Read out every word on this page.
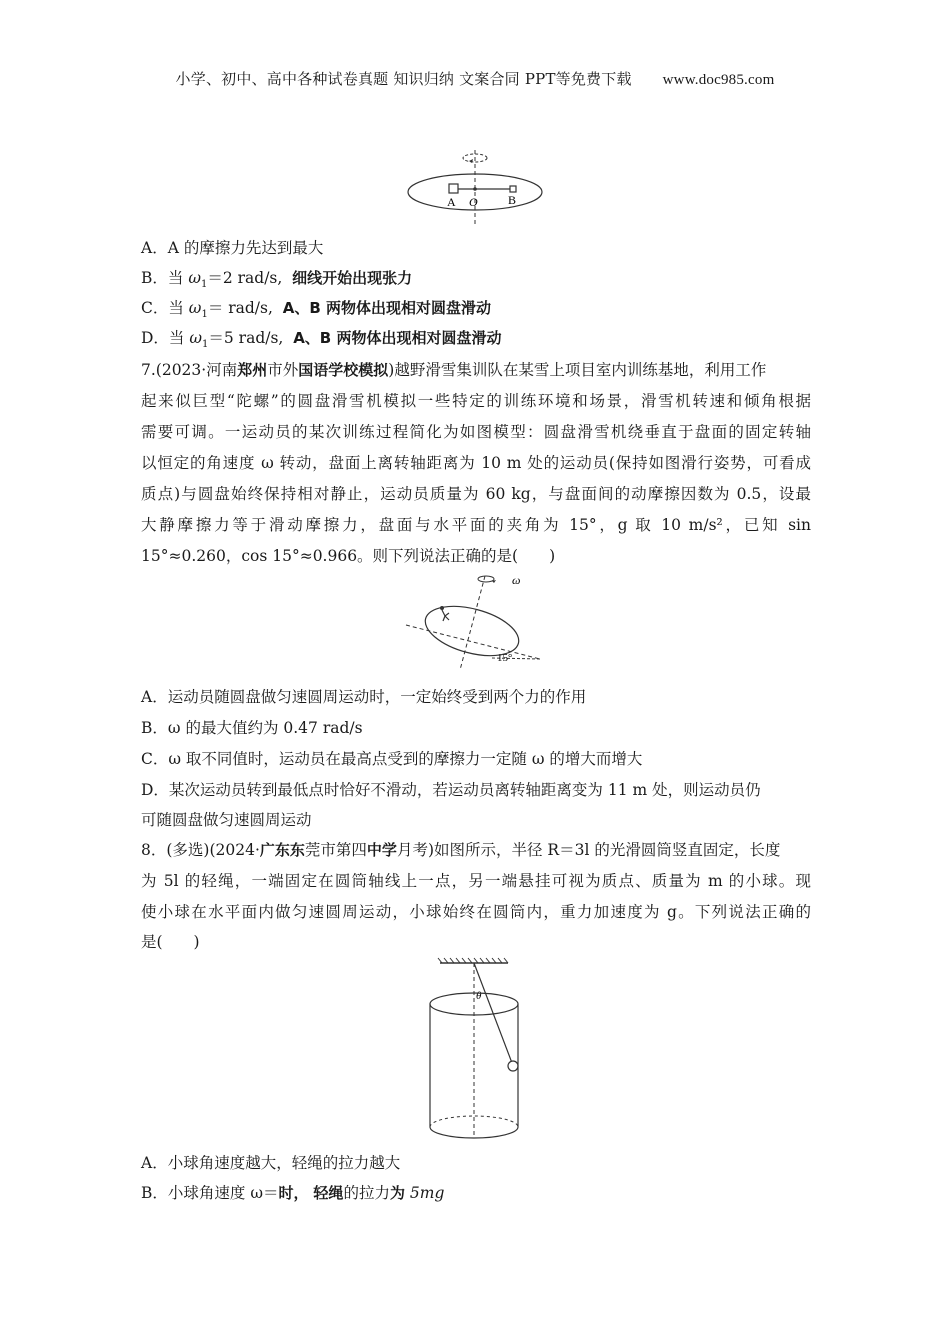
小学、初中、高中各种试卷真题 知识归纳 文案合同 PPT等免费下载 www.doc985.com
A O	B
A．A 的摩擦力先达到最大
B．当 $\omega_1=2$ rad/s, 细线开始出现张力
C．当 $\omega_1= rad/s$, A、B 两物体出现相对圆盘滑动
D．当 $\omega_1=5$ rad/s, A、B 两物体出现相对圆盘滑动
7.(2023·河南郑州市外国语学校模拟)越野滑雪集训队在某雪上项目室内训练基地，利用工作
起来似巨型“陀螺”的圆盘滑雪机模拟一些特定的训练环境和场景，滑雪机转速和倾角根据
需要可调。一运动员的某次训练过程简化为如图模型：圆盘滑雪机绕垂直于盘面的固定转轴
以恒定的角速度 ω 转动，盘面上离转轴距离为 10 m 处的运动员(保持如图滑行姿势，可看成
质点)与圆盘始终保持相对静止，运动员质量为 60 kg，与盘面间的动摩擦因数为 0.5，设最
大静摩擦力等于滑动摩擦力，盘面与水平面的夹角为 15°，g 取 10 m/s²，已知 sin
15°≈0.260，cos 15°≈0.966。则下列说法正确的是(　　)
ω
15°
A．运动员随圆盘做匀速圆周运动时，一定始终受到两个力的作用
B．ω 的最大值约为 0.47 rad/s
C．ω 取不同值时，运动员在最高点受到的摩擦力一定随 ω 的增大而增大
D．某次运动员转到最低点时恰好不滑动，若运动员离转轴距离变为 11 m 处，则运动员仍
可随圆盘做匀速圆周运动
8．(多选)(2024·广东东莞市第四中学月考)如图所示，半径 R＝3l 的光滑圆筒竖直固定，长度
为 5l 的轻绳，一端固定在圆筒轴线上一点，另一端悬挂可视为质点、质量为 m 的小球。现
使小球在水平面内做匀速圆周运动，小球始终在圆筒内，重力加速度为 g。下列说法正确的
是(　　)
θ
A．小球角速度越大，轻绳的拉力越大
B．小球角速度 ω＝时， 轻绳的拉力为 5mg
